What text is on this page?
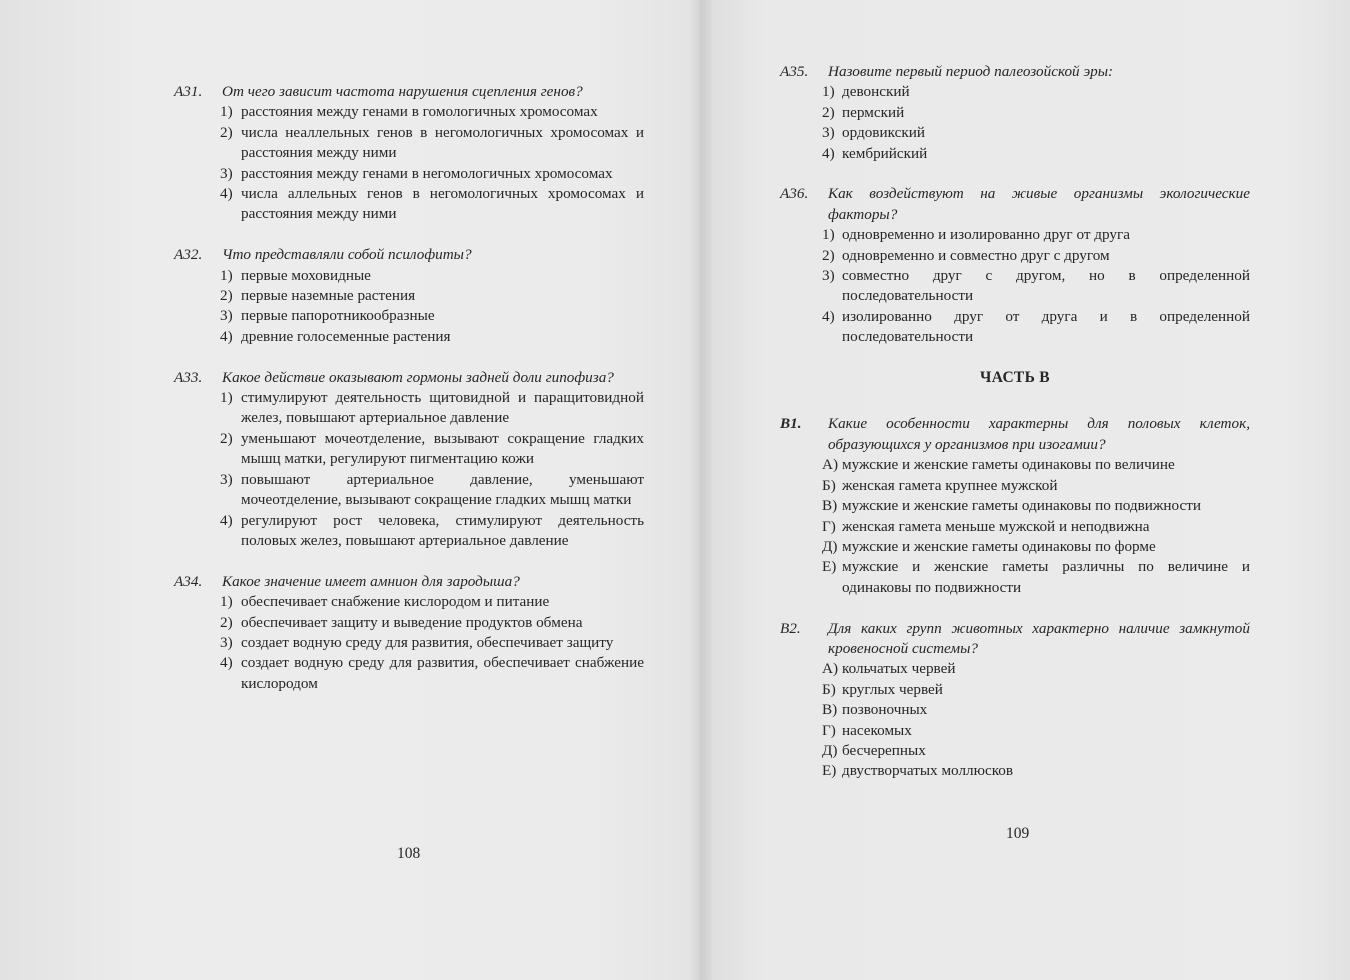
А31.	От чего зависит частота нарушения сцепления генов?
1) расстояния между генами в гомологичных хромосомах
2) числа неаллельных генов в негомологичных хромосомах и расстояния между ними
3) расстояния между генами в негомологичных хромосомах
4) числа аллельных генов в негомологичных хромосомах и расстояния между ними
А32.	Что представляли собой псилофиты?
1) первые моховидные
2) первые наземные растения
3) первые папоротникообразные
4) древние голосеменные растения
А33.	Какое действие оказывают гормоны задней доли гипофиза?
1) стимулируют деятельность щитовидной и паращитовидной желез, повышают артериальное давление
2) уменьшают мочеотделение, вызывают сокращение гладких мышц матки, регулируют пигментацию кожи
3) повышают артериальное давление, уменьшают мочеотделение, вызывают сокращение гладких мышц матки
4) регулируют рост человека, стимулируют деятельность половых желез, повышают артериальное давление
А34.	Какое значение имеет амнион для зародыша?
1) обеспечивает снабжение кислородом и питание
2) обеспечивает защиту и выведение продуктов обмена
3) создает водную среду для развития, обеспечивает защиту
4) создает водную среду для развития, обеспечивает снабжение кислородом
108
А35.	Назовите первый период палеозойской эры:
1) девонский
2) пермский
3) ордовикский
4) кембрийский
А36.	Как воздействуют на живые организмы экологические факторы?
1) одновременно и изолированно друг от друга
2) одновременно и совместно друг с другом
3) совместно друг с другом, но в определенной последовательности
4) изолированно друг от друга и в определенной последовательности
ЧАСТЬ В
В1.	Какие особенности характерны для половых клеток, образующихся у организмов при изогамии?
А) мужские и женские гаметы одинаковы по величине
Б) женская гамета крупнее мужской
В) мужские и женские гаметы одинаковы по подвижности
Г) женская гамета меньше мужской и неподвижна
Д) мужские и женские гаметы одинаковы по форме
Е) мужские и женские гаметы различны по величине и одинаковы по подвижности
В2.	Для каких групп животных характерно наличие замкнутой кровеносной системы?
А) кольчатых червей
Б) круглых червей
В) позвоночных
Г) насекомых
Д) бесчерепных
Е) двустворчатых моллюсков
109
